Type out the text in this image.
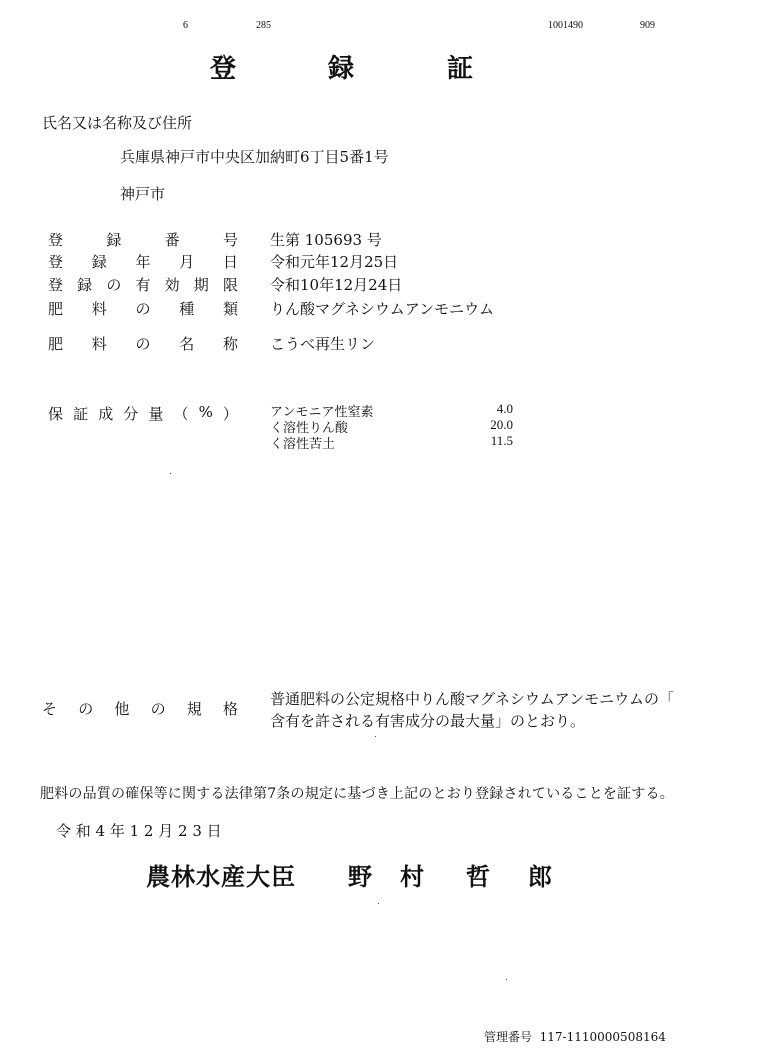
6	285	1001490	909
登	録	証
氏名又は名称及び住所
兵庫県神戸市中央区加納町6丁目5番1号
神戸市
登	録	番	号 生第 105693 号
登 録 年 月 日 令和元年12月25日
登 録 の 有 効 期 限 令和10年12月24日
肥 料 の 種 類 りん酸マグネシウムアンモニウム
肥 料 の 名 称 こうべ再生リン
保 証 成 分 量 （ % ） アンモニア性窒素	4.0
く溶性りん酸	20.0
く溶性苦土	11.5
そ の 他 の 規 格
普通肥料の公定規格中りん酸マグネシウムアンモニウムの「
含有を許される有害成分の最大量」のとおり。
肥料の品質の確保等に関する法律第7条の規定に基づき上記のとおり登録されていることを証する。
令 和 4 年 1 2 月 2 3 日
農林水産大臣 野 村 哲 郎
管理番号 117-1110000508164
